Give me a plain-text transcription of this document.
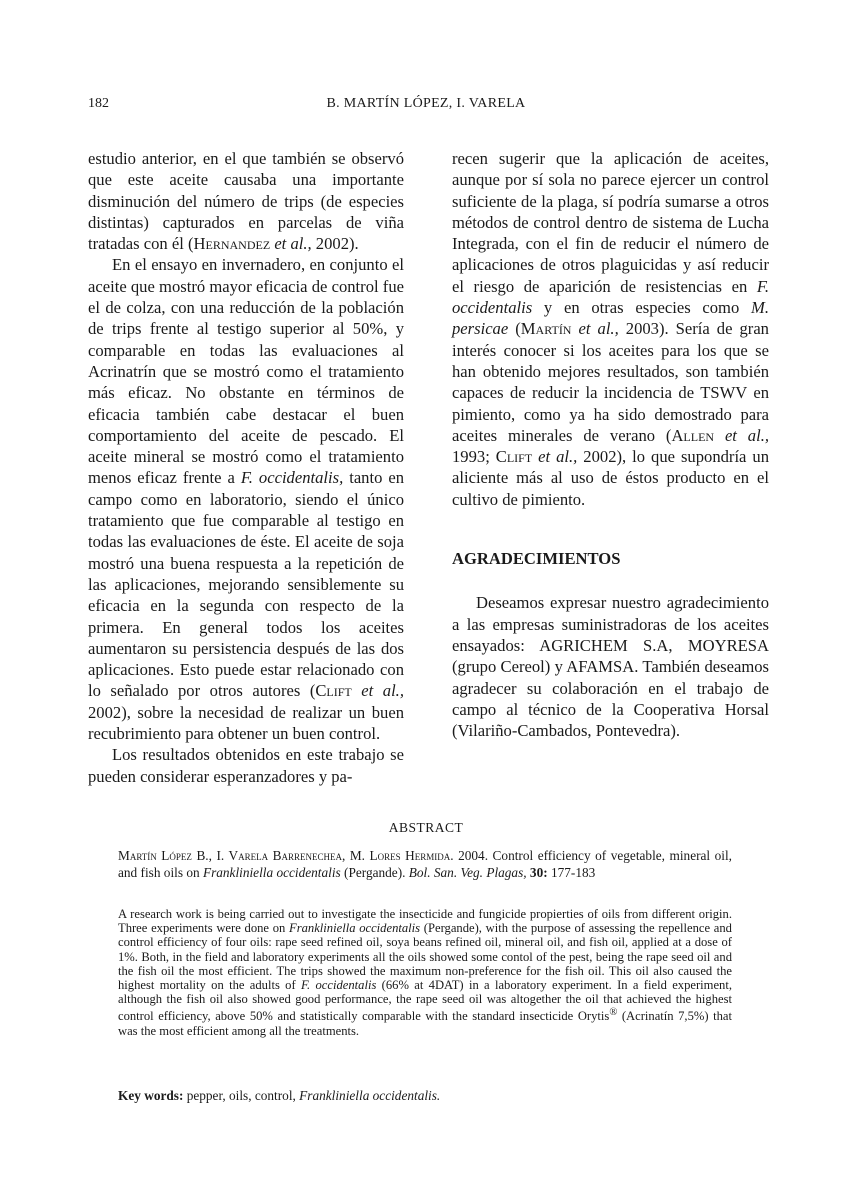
182	B. MARTÍN LÓPEZ, I. VARELA

estudio anterior, en el que también se observó que este aceite causaba una importante disminución del número de trips (de especies distintas) capturados en parcelas de viña tratadas con él (Hernandez et al., 2002).

En el ensayo en invernadero, en conjunto el aceite que mostró mayor eficacia de control fue el de colza, con una reducción de la población de trips frente al testigo superior al 50%, y comparable en todas las evaluaciones al Acrinatrín que se mostró como el tratamiento más eficaz. No obstante en términos de eficacia también cabe destacar el buen comportamiento del aceite de pescado. El aceite mineral se mostró como el tratamiento menos eficaz frente a F. occidentalis, tanto en campo como en laboratorio, siendo el único tratamiento que fue comparable al testigo en todas las evaluaciones de éste. El aceite de soja mostró una buena respuesta a la repetición de las aplicaciones, mejorando sensiblemente su eficacia en la segunda con respecto de la primera. En general todos los aceites aumentaron su persistencia después de las dos aplicaciones. Esto puede estar relacionado con lo señalado por otros autores (Clift et al., 2002), sobre la necesidad de realizar un buen recubrimiento para obtener un buen control.

Los resultados obtenidos en este trabajo se pueden considerar esperanzadores y pa-

recen sugerir que la aplicación de aceites, aunque por sí sola no parece ejercer un control suficiente de la plaga, sí podría sumarse a otros métodos de control dentro de sistema de Lucha Integrada, con el fin de reducir el número de aplicaciones de otros plaguicidas y así reducir el riesgo de aparición de resistencias en F. occidentalis y en otras especies como M. persicae (Martín et al., 2003). Sería de gran interés conocer si los aceites para los que se han obtenido mejores resultados, son también capaces de reducir la incidencia de TSWV en pimiento, como ya ha sido demostrado para aceites minerales de verano (Allen et al., 1993; Clift et al., 2002), lo que supondría un aliciente más al uso de éstos producto en el cultivo de pimiento.

AGRADECIMIENTOS

Deseamos expresar nuestro agradecimiento a las empresas suministradoras de los aceites ensayados: AGRICHEM S.A, MOYRESA (grupo Cereol) y AFAMSA. También deseamos agradecer su colaboración en el trabajo de campo al técnico de la Cooperativa Horsal (Vilariño-Cambados, Pontevedra).

ABSTRACT

Martín López B., I. Varela Barrenechea, M. Lores Hermida. 2004. Control efficiency of vegetable, mineral oil, and fish oils on Frankliniella occidentalis (Pergande). Bol. San. Veg. Plagas, 30: 177-183

A research work is being carried out to investigate the insecticide and fungicide propierties of oils from different origin. Three experiments were done on Frankliniella occidentalis (Pergande), with the purpose of assessing the repellence and control efficiency of four oils: rape seed refined oil, soya beans refined oil, mineral oil, and fish oil, applied at a dose of 1%. Both, in the field and laboratory experiments all the oils showed some contol of the pest, being the rape seed oil and the fish oil the most efficient. The trips showed the maximum non-preference for the fish oil. This oil also caused the highest mortality on the adults of F. occidentalis (66% at 4DAT) in a laboratory experiment. In a field experiment, although the fish oil also showed good performance, the rape seed oil was altogether the oil that achieved the highest control efficiency, above 50% and statistically comparable with the standard insecticide Orytis® (Acrinatín 7,5%) that was the most efficient among all the treatments.

Key words: pepper, oils, control, Frankliniella occidentalis.
